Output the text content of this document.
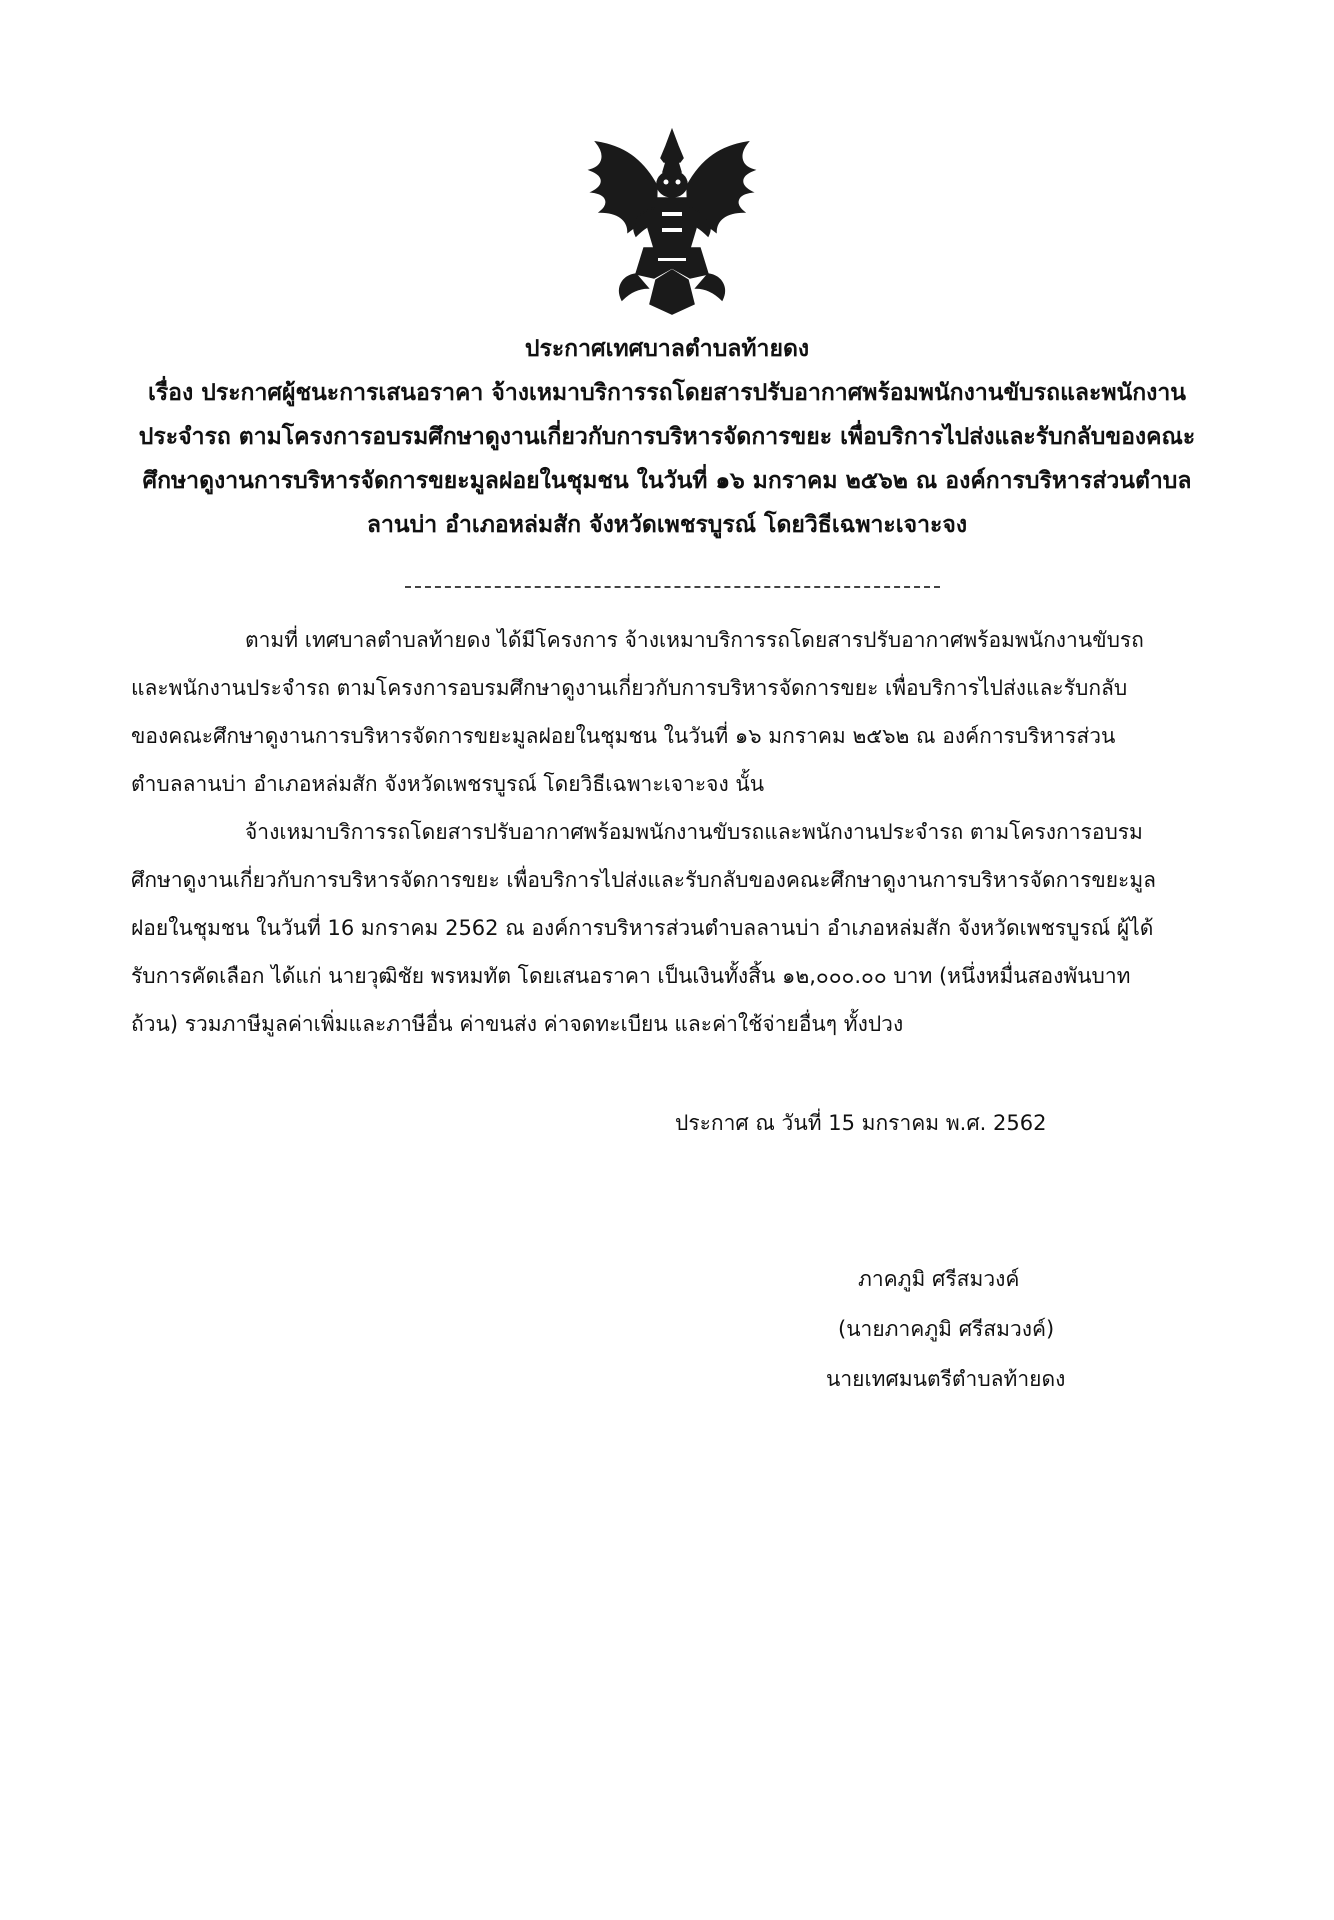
ประกาศเทศบาลตำบลท้ายดง
เรื่อง ประกาศผู้ชนะการเสนอราคา จ้างเหมาบริการรถโดยสารปรับอากาศพร้อมพนักงานขับรถและพนักงาน
ประจำรถ ตามโครงการอบรมศึกษาดูงานเกี่ยวกับการบริหารจัดการขยะ เพื่อบริการไปส่งและรับกลับของคณะ
ศึกษาดูงานการบริหารจัดการขยะมูลฝอยในชุมชน ในวันที่ ๑๖ มกราคม ๒๕๖๒ ณ องค์การบริหารส่วนตำบล
ลานบ่า อำเภอหล่มสัก จังหวัดเพชรบูรณ์ โดยวิธีเฉพาะเจาะจง
ตามที่ เทศบาลตำบลท้ายดง ได้มีโครงการ จ้างเหมาบริการรถโดยสารปรับอากาศพร้อมพนักงานขับรถ
และพนักงานประจำรถ ตามโครงการอบรมศึกษาดูงานเกี่ยวกับการบริหารจัดการขยะ เพื่อบริการไปส่งและรับกลับ
ของคณะศึกษาดูงานการบริหารจัดการขยะมูลฝอยในชุมชน ในวันที่ ๑๖ มกราคม ๒๕๖๒ ณ องค์การบริหารส่วน
ตำบลลานบ่า อำเภอหล่มสัก จังหวัดเพชรบูรณ์ โดยวิธีเฉพาะเจาะจง นั้น
จ้างเหมาบริการรถโดยสารปรับอากาศพร้อมพนักงานขับรถและพนักงานประจำรถ ตามโครงการอบรม
ศึกษาดูงานเกี่ยวกับการบริหารจัดการขยะ เพื่อบริการไปส่งและรับกลับของคณะศึกษาดูงานการบริหารจัดการขยะมูล
ฝอยในชุมชน ในวันที่ 16 มกราคม 2562 ณ องค์การบริหารส่วนตำบลลานบ่า อำเภอหล่มสัก จังหวัดเพชรบูรณ์ ผู้ได้
รับการคัดเลือก ได้แก่ นายวุฒิชัย พรหมทัต โดยเสนอราคา เป็นเงินทั้งสิ้น ๑๒,๐๐๐.๐๐ บาท (หนึ่งหมื่นสองพันบาท
ถ้วน) รวมภาษีมูลค่าเพิ่มและภาษีอื่น ค่าขนส่ง ค่าจดทะเบียน และค่าใช้จ่ายอื่นๆ ทั้งปวง
ประกาศ ณ วันที่ 15 มกราคม พ.ศ. 2562
ภาคภูมิ ศรีสมวงค์
(นายภาคภูมิ ศรีสมวงค์)
นายเทศมนตรีตำบลท้ายดง
